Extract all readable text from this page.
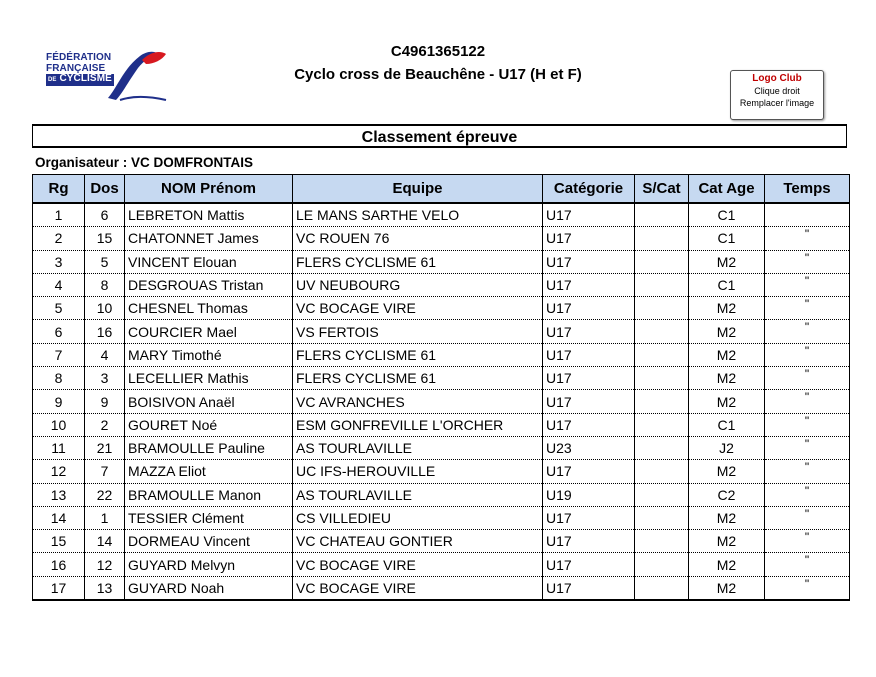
FÉDÉRATION
FRANÇAISE
DE CYCLISME
C4961365122
Cyclo cross de Beauchêne - U17 (H et F)	Logo Club
Clique droit
Remplacer l'image
Classement épreuve
Organisateur : VC DOMFRONTAIS
Rg	Dos	NOM Prénom	Equipe	Catégorie	S/Cat	Cat Age	Temps
1	6	LEBRETON Mattis	LE MANS SARTHE VELO	U17		C1	
2	15	CHATONNET James	VC ROUEN 76	U17		C1	"
3	5	VINCENT Elouan	FLERS CYCLISME 61	U17		M2	"
4	8	DESGROUAS Tristan	UV NEUBOURG	U17		C1	"
5	10	CHESNEL Thomas	VC BOCAGE VIRE	U17		M2	"
6	16	COURCIER Mael	VS FERTOIS	U17		M2	"
7	4	MARY Timothé	FLERS CYCLISME 61	U17		M2	"
8	3	LECELLIER Mathis	FLERS CYCLISME 61	U17		M2	"
9	9	BOISIVON Anaël	VC AVRANCHES	U17		M2	"
10	2	GOURET Noé	ESM GONFREVILLE L'ORCHER	U17		C1	"
11	21	BRAMOULLE Pauline	AS TOURLAVILLE	U23		J2	"
12	7	MAZZA Eliot	UC IFS-HEROUVILLE	U17		M2	"
13	22	BRAMOULLE Manon	AS TOURLAVILLE	U19		C2	"
14	1	TESSIER Clément	CS VILLEDIEU	U17		M2	"
15	14	DORMEAU Vincent	VC CHATEAU GONTIER	U17		M2	"
16	12	GUYARD Melvyn	VC BOCAGE VIRE	U17		M2	"
17	13	GUYARD Noah	VC BOCAGE VIRE	U17		M2	"
